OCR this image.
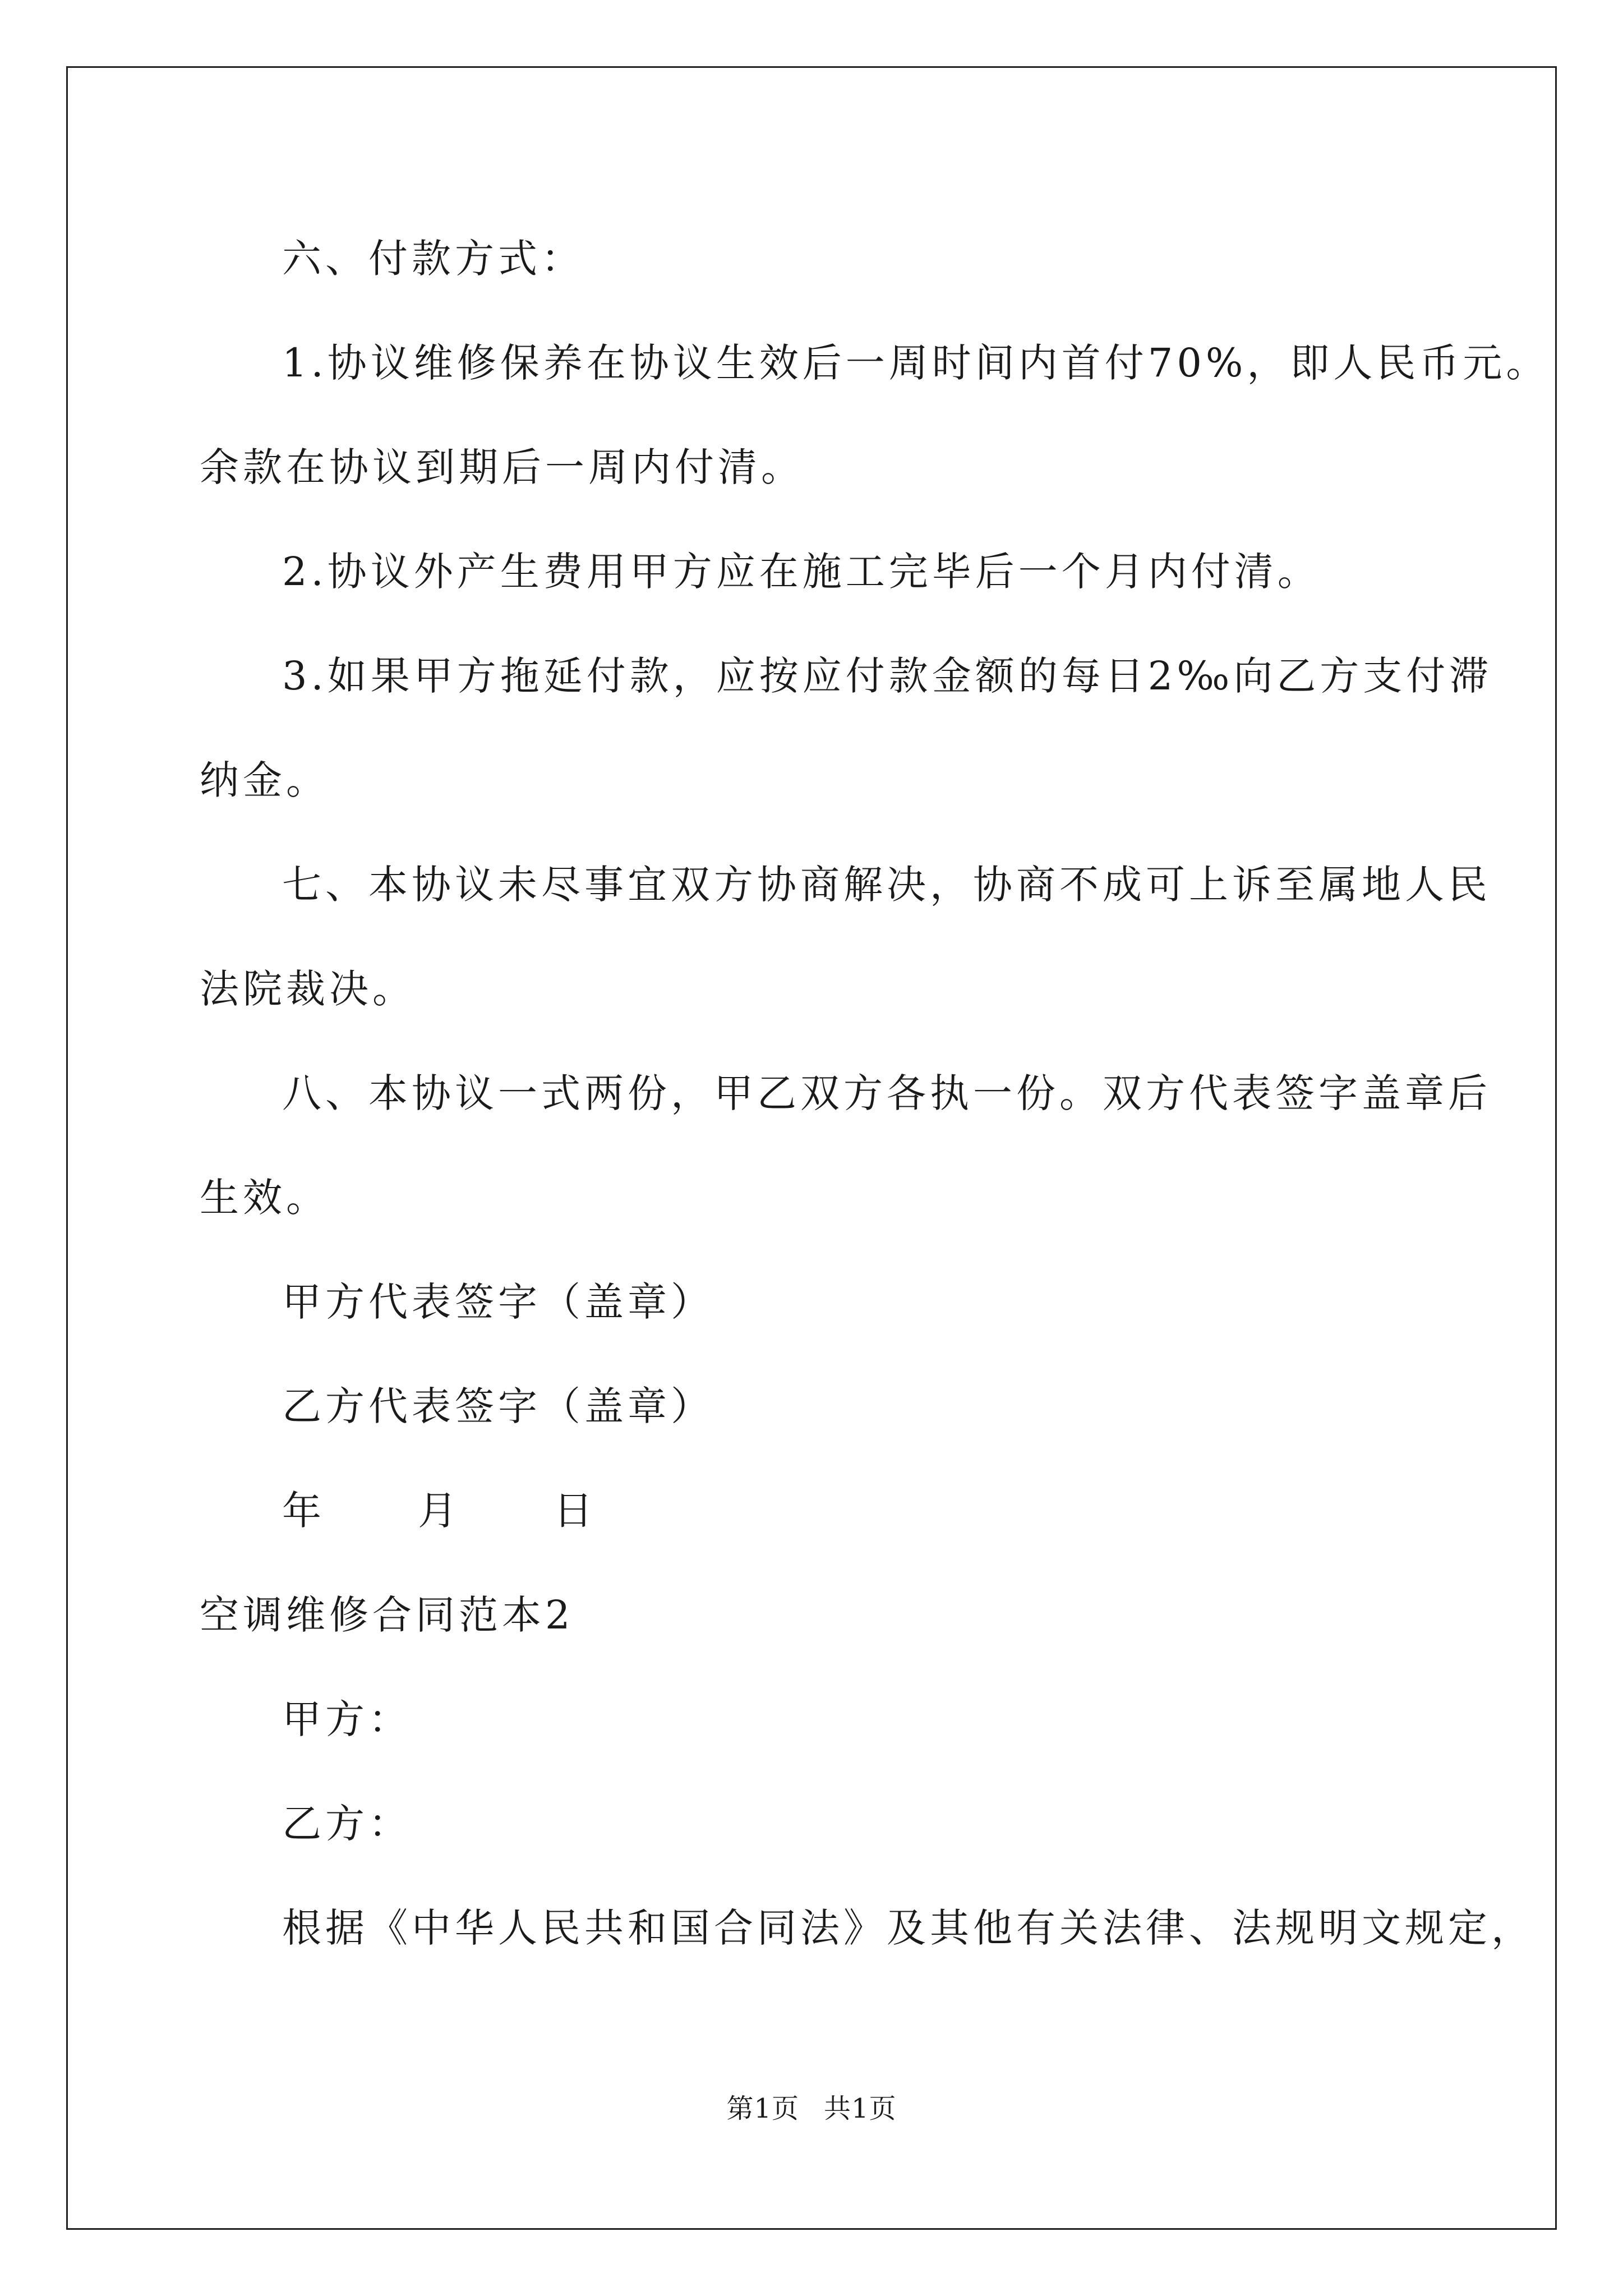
六、付款方式：
1.协议维修保养在协议生效后一周时间内首付70%，即人民币元。
余款在协议到期后一周内付清。
2.协议外产生费用甲方应在施工完毕后一个月内付清。
3.如果甲方拖延付款，应按应付款金额的每日2‰向乙方支付滞
纳金。
七、本协议未尽事宜双方协商解决，协商不成可上诉至属地人民
法院裁决。
八、本协议一式两份，甲乙双方各执一份。双方代表签字盖章后
生效。
甲方代表签字（盖章）
乙方代表签字（盖章）
年 月 日
空调维修合同范本2
甲方：
乙方：
根据《中华人民共和国合同法》及其他有关法律、法规明文规定，
第1页 共1页
